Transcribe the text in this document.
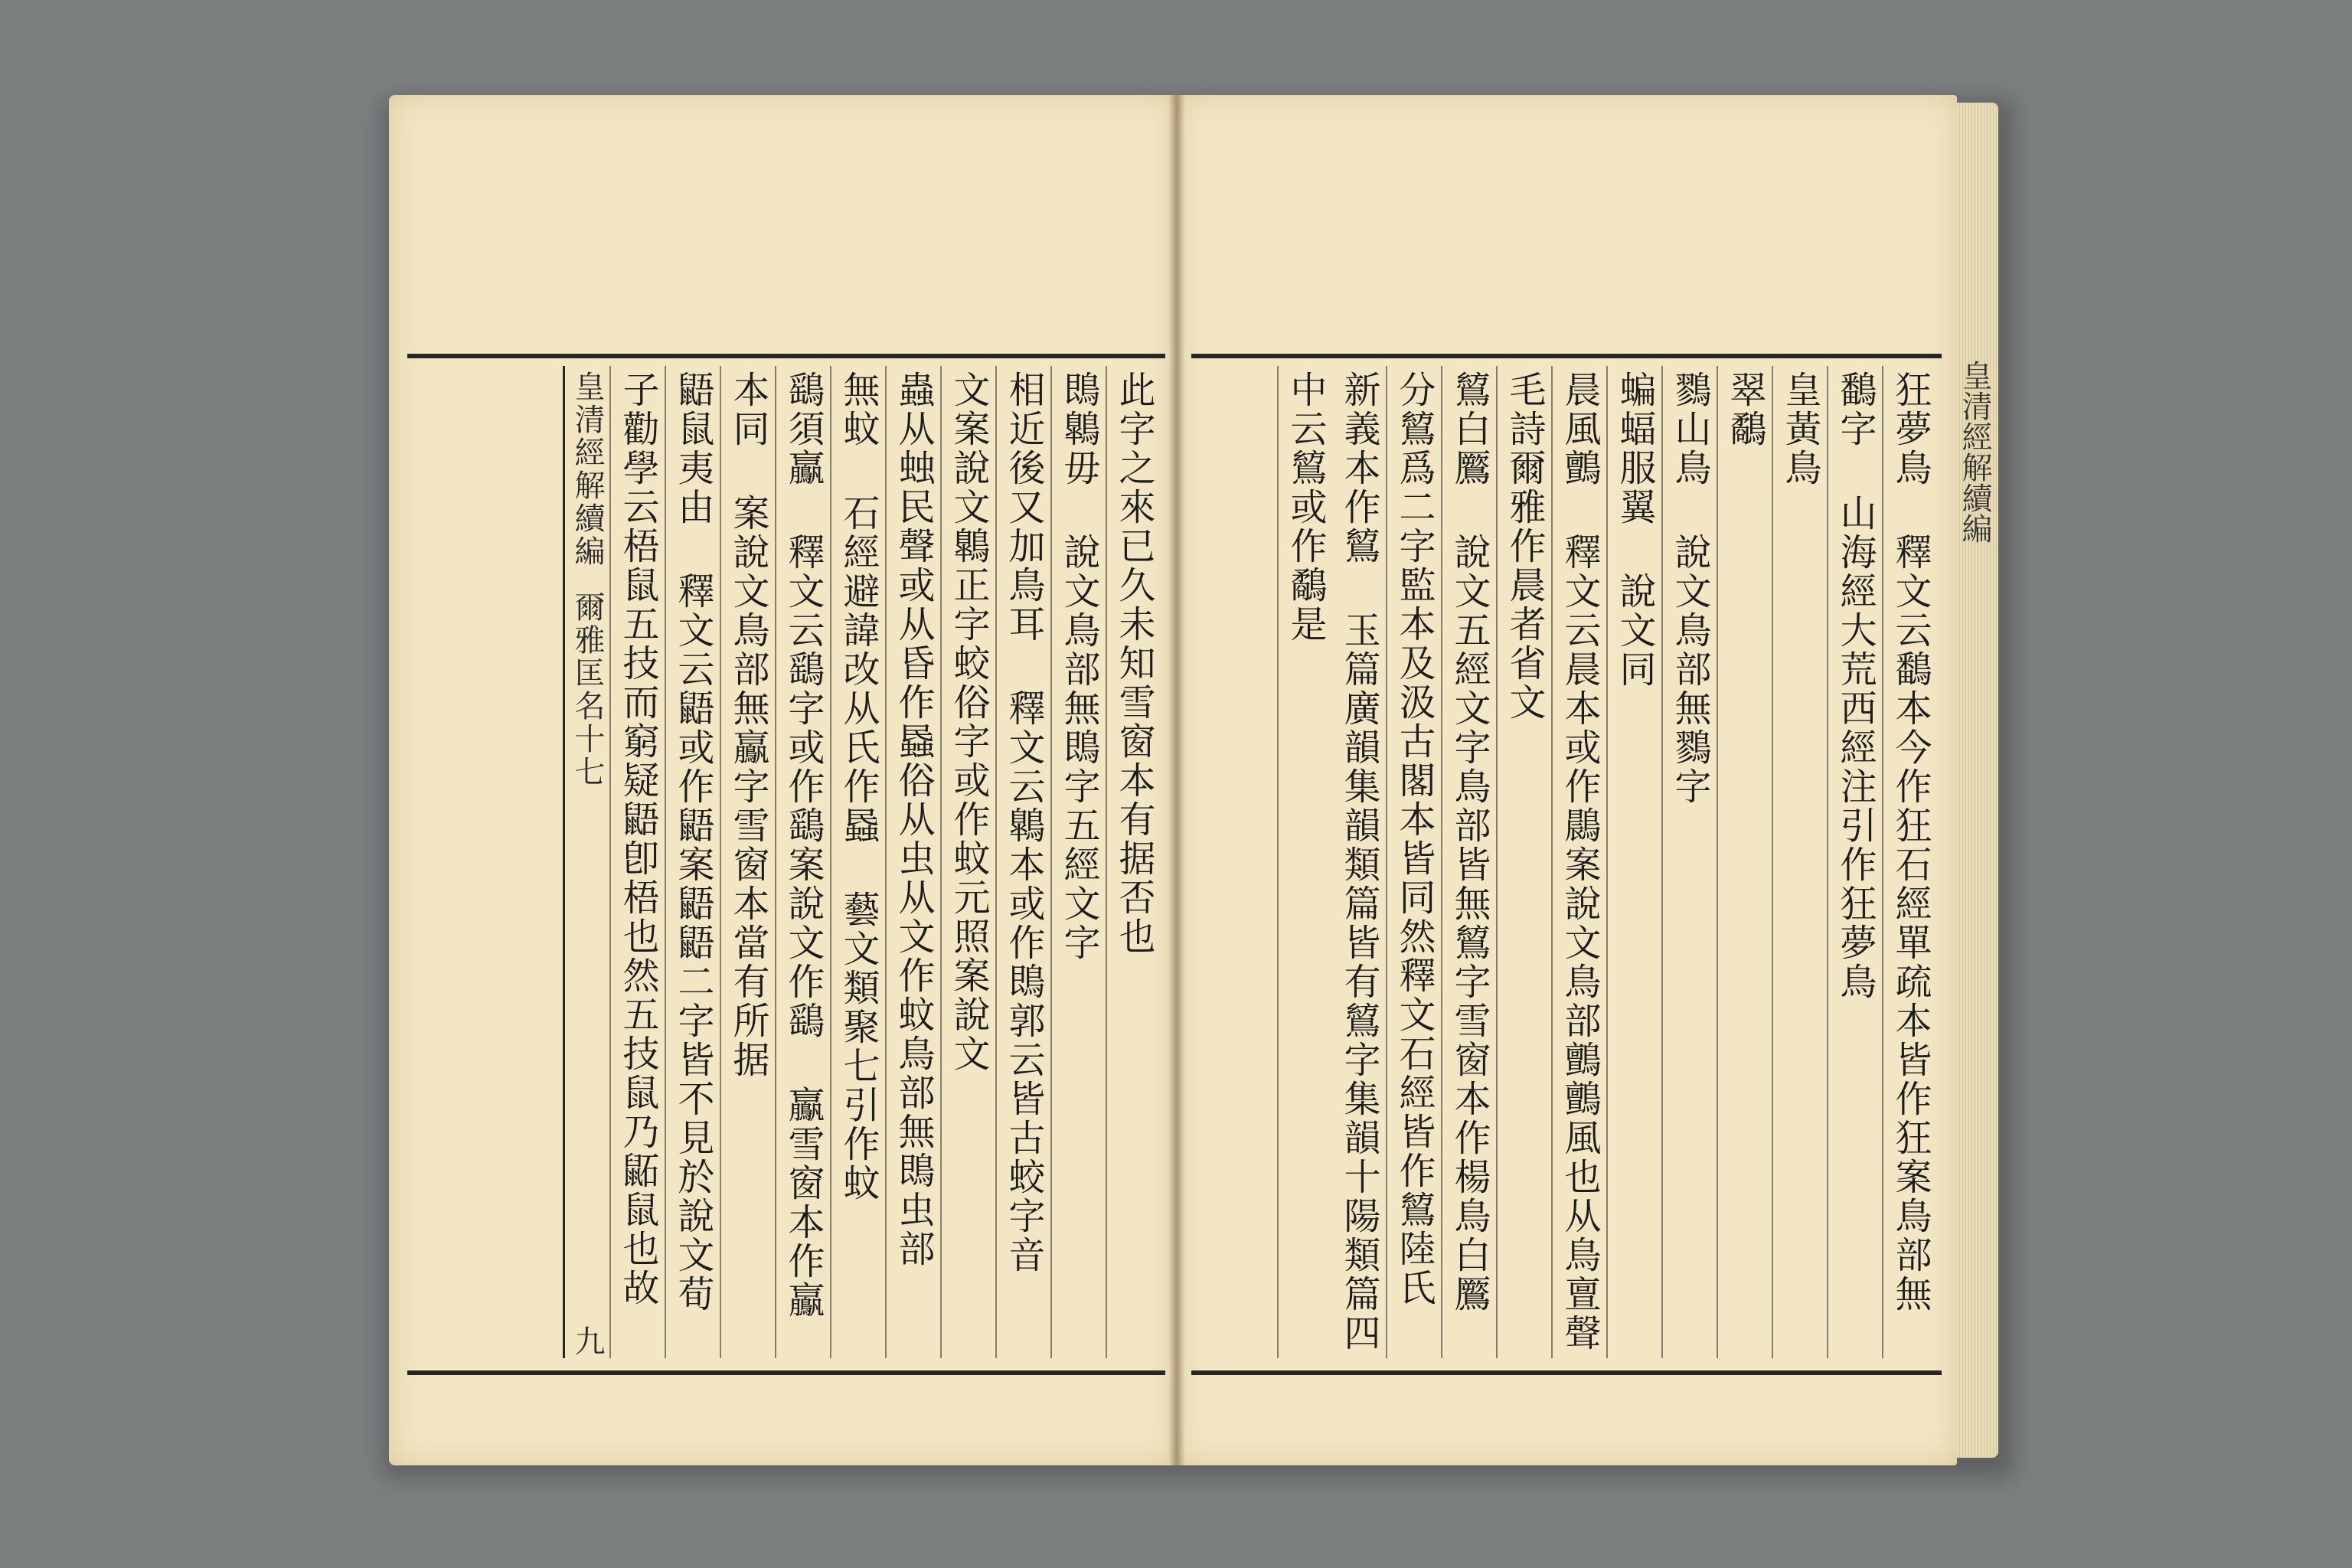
狂夢鳥 釋文云鷭本今作狂石經單疏本皆作狂案鳥部無
鷭字 山海經大荒西經注引作狂夢鳥
皇黃鳥
翠鷸
鷚山鳥 說文鳥部無鷚字
蝙蝠服翼 說文同
晨風鸇 釋文云晨本或作鷐案說文鳥部鸇鸇風也从鳥亶聲
毛詩爾雅作晨者省文
鶭白鷢 說文五經文字鳥部皆無鶭字雪窗本作楊鳥白鷢
分鶭爲二字監本及汲古閣本皆同然釋文石經皆作鶭陸氏
新義本作鶭 玉篇廣韻集韻類篇皆有鶭字集韻十陽類篇四中云鶭或作鷸是	皇清經解續編
此字之來已久未知雪窗本有据否也
鵖鷱毋 說文鳥部無鵖字五經文字
相近後又加鳥耳 釋文云鷱本或作鵖郭云皆古蛟字音
文案說文鷱正字蛟俗字或作蚊元照案說文
蟲从䖵民聲或从昏作蟁俗从虫从文作蚊鳥部無鵖虫部
無蚊 石經避諱改从氏作蟁 藝文類聚七引作蚊
鷂須鸁 釋文云鷂字或作鷂案說文作鷂 鸁雪窗本作鸁
本同 案說文鳥部無鸁字雪窗本當有所据
鼯鼠夷由 釋文云鼯或作鼯案鼯鼯二字皆不見於說文荀
子勸學云梧鼠五技而窮疑鼯卽梧也然五技鼠乃鼫鼠也故
皇清經解續編
爾雅匡名十七
九
